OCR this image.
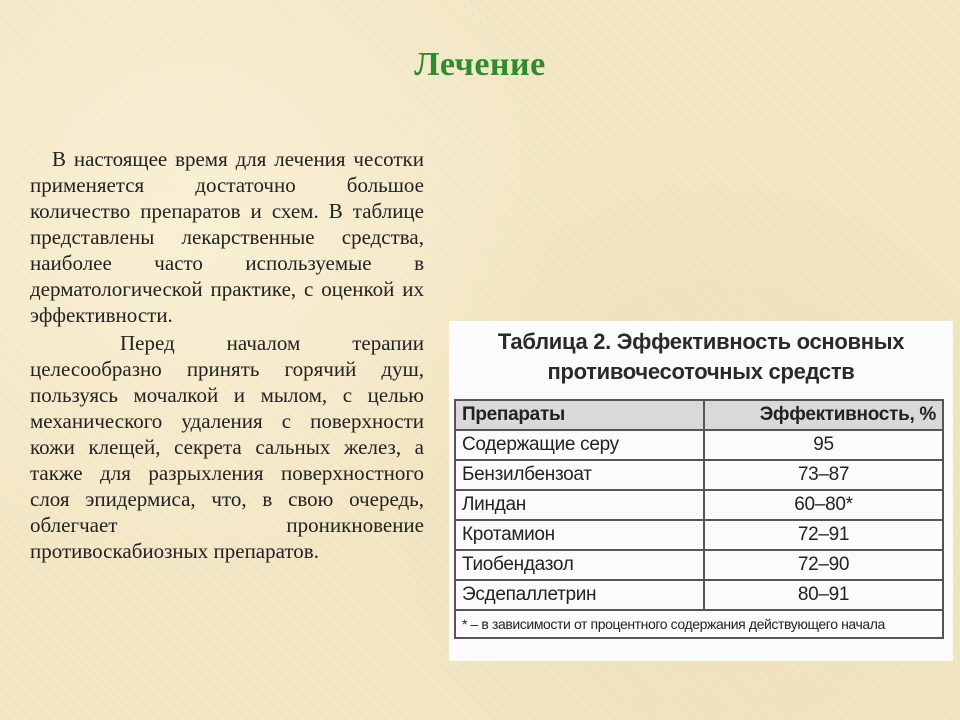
Лечение

В настоящее время для лечения чесотки применяется достаточно большое количество препаратов и схем. В таблице представлены лекарственные средства, наиболее часто используемые в дерматологической практике, с оценкой их эффективности.

Перед началом терапии целесообразно принять горячий душ, пользуясь мочалкой и мылом, с целью механического удаления с поверхности кожи клещей, секрета сальных желез, а также для разрыхления поверхностного слоя эпидермиса, что, в свою очередь, облегчает проникновение противоскабиозных препаратов.

Таблица 2. Эффективность основных
противочесоточных средств
Препараты	Эффективность, %
Содержащие серу	95
Бензилбензоат	73–87
Линдан	60–80*
Кротамион	72–91
Тиобендазол	72–90
Эсдепаллетрин	80–91
* – в зависимости от процентного содержания действующего начала	
